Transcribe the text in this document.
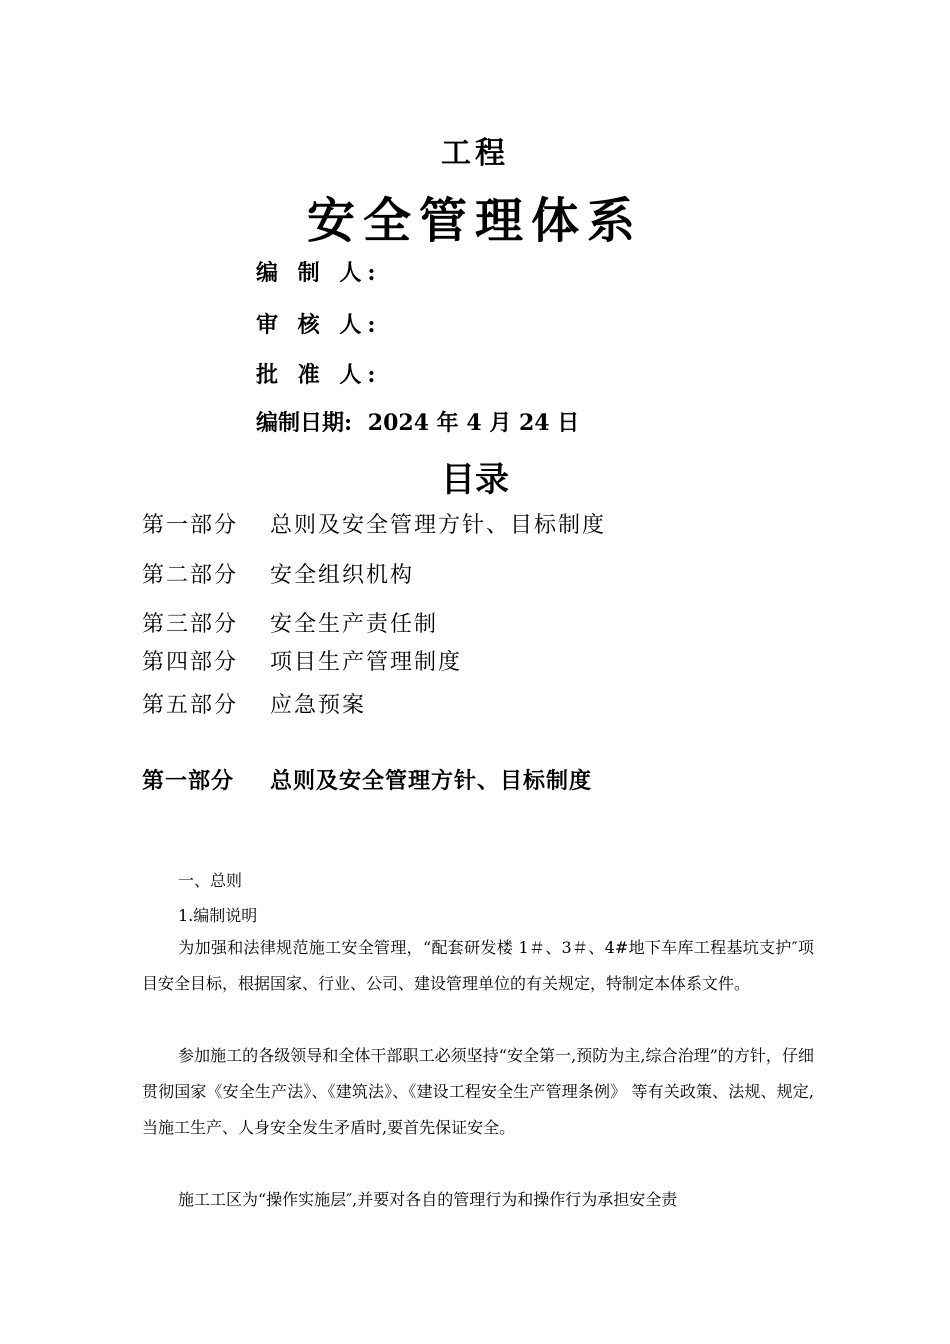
工程
安全管理体系
编 制 人:
审 核 人:
批 准 人:
编制日期: 2024 年 4 月 24 日
目录
第一部分 总则及安全管理方针、目标制度
第二部分 安全组织机构
第三部分 安全生产责任制
第四部分 项目生产管理制度
第五部分 应急预案
第一部分 总则及安全管理方针、目标制度
一、总则
1.编制说明
为加强和法律规范施工安全管理，“配套研发楼 1＃、3＃、4#地下车库工程基坑支护″项目安全目标，根据国家、行业、公司、建设管理单位的有关规定，特制定本体系文件。
参加施工的各级领导和全体干部职工必须坚持“安全第一,预防为主,综合治理”的方针，仔细贯彻国家《安全生产法》、《建筑法》、《建设工程安全生产管理条例》 等有关政策、法规、规定,当施工生产、人身安全发生矛盾时,要首先保证安全。
施工工区为“操作实施层″,并要对各自的管理行为和操作行为承担安全责
